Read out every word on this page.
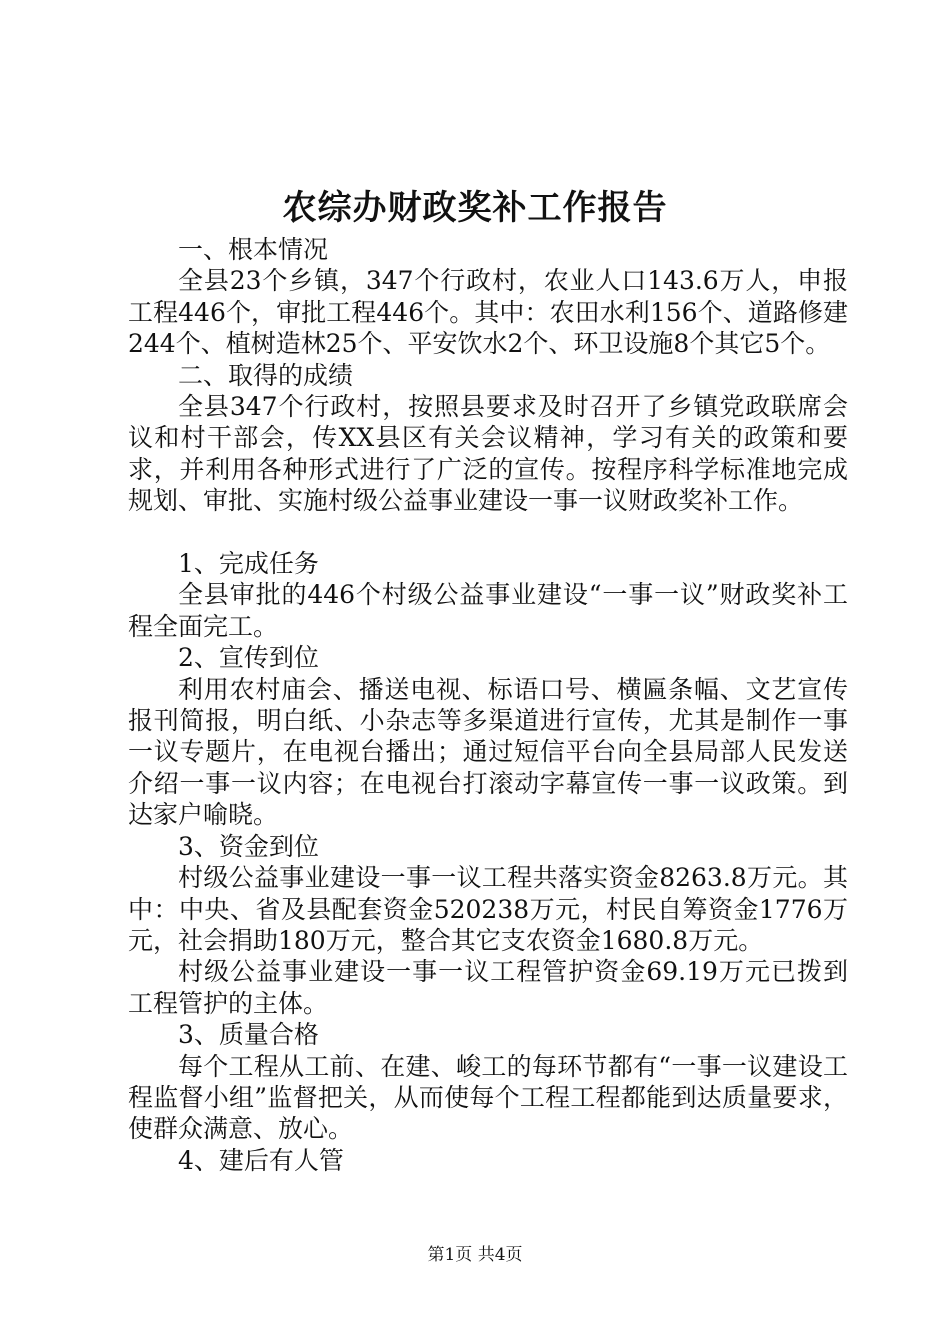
农综办财政奖补工作报告

一、根本情况

全县23个乡镇，347个行政村，农业人口143.6万人，申报工程446个，审批工程446个。其中：农田水利156个、道路修建244个、植树造林25个、平安饮水2个、环卫设施8个其它5个。

二、取得的成绩

全县347个行政村，按照县要求及时召开了乡镇党政联席会议和村干部会，传XX县区有关会议精神，学习有关的政策和要求，并利用各种形式进行了广泛的宣传。按程序科学标准地完成规划、审批、实施村级公益事业建设一事一议财政奖补工作。

1、完成任务

全县审批的446个村级公益事业建设“一事一议”财政奖补工程全面完工。

2、宣传到位

利用农村庙会、播送电视、标语口号、横匾条幅、文艺宣传报刊简报，明白纸、小杂志等多渠道进行宣传，尤其是制作一事一议专题片，在电视台播出；通过短信平台向全县局部人民发送介绍一事一议内容；在电视台打滚动字幕宣传一事一议政策。到达家户喻晓。

3、资金到位

村级公益事业建设一事一议工程共落实资金8263.8万元。其中：中央、省及县配套资金520238万元，村民自筹资金1776万元，社会捐助180万元，整合其它支农资金1680.8万元。

村级公益事业建设一事一议工程管护资金69.19万元已拨到工程管护的主体。

3、质量合格

每个工程从工前、在建、峻工的每环节都有“一事一议建设工程监督小组”监督把关，从而使每个工程工程都能到达质量要求，使群众满意、放心。

4、建后有人管

第1页 共4页
